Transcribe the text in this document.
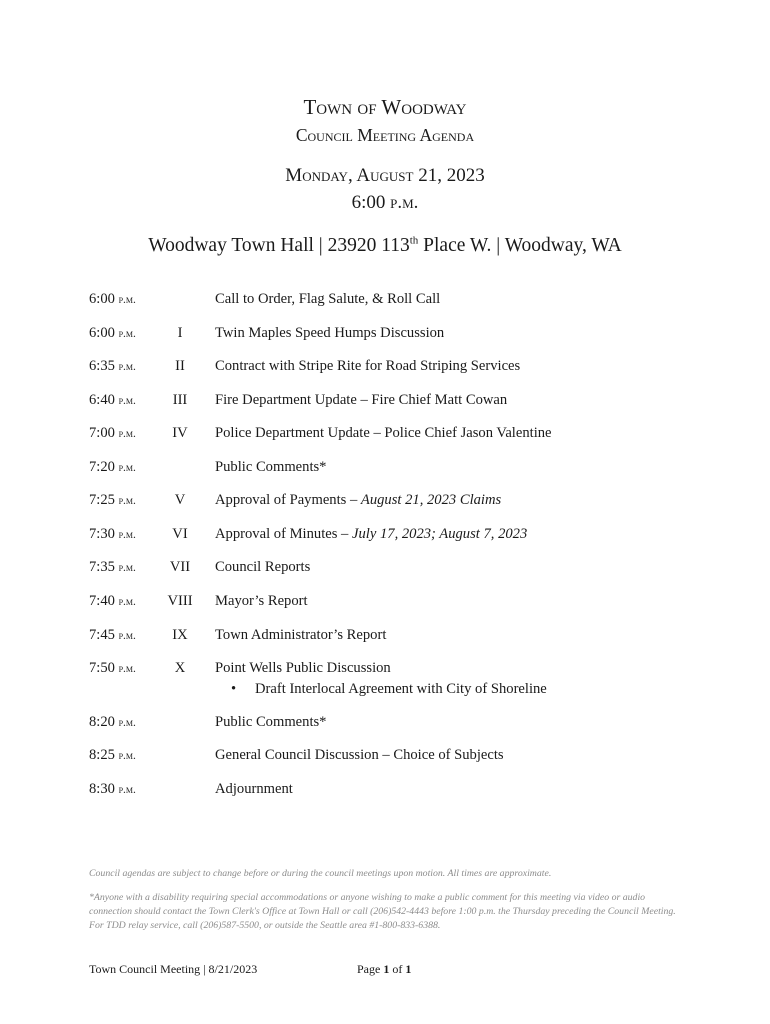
Town of Woodway
Council Meeting Agenda
Monday, August 21, 2023
6:00 p.m.
Woodway Town Hall | 23920 113th Place W. | Woodway, WA
6:00 p.m.	Call to Order, Flag Salute, & Roll Call
6:00 p.m.	I	Twin Maples Speed Humps Discussion
6:35 p.m.	II	Contract with Stripe Rite for Road Striping Services
6:40 p.m.	III	Fire Department Update – Fire Chief Matt Cowan
7:00 p.m.	IV	Police Department Update – Police Chief Jason Valentine
7:20 p.m.	Public Comments*
7:25 p.m.	V	Approval of Payments – August 21, 2023 Claims
7:30 p.m.	VI	Approval of Minutes – July 17, 2023; August 7, 2023
7:35 p.m.	VII	Council Reports
7:40 p.m.	VIII	Mayor’s Report
7:45 p.m.	IX	Town Administrator’s Report
7:50 p.m.	X	Point Wells Public Discussion
• Draft Interlocal Agreement with City of Shoreline
8:20 p.m.	Public Comments*
8:25 p.m.	General Council Discussion – Choice of Subjects
8:30 p.m.	Adjournment
Council agendas are subject to change before or during the council meetings upon motion. All times are approximate.
*Anyone with a disability requiring special accommodations or anyone wishing to make a public comment for this meeting via video or audio connection should contact the Town Clerk's Office at Town Hall or call (206)542-4443 before 1:00 p.m. the Thursday preceding the Council Meeting. For TDD relay service, call (206)587-5500, or outside the Seattle area #1-800-833-6388.
Town Council Meeting | 8/21/2023	Page 1 of 1
